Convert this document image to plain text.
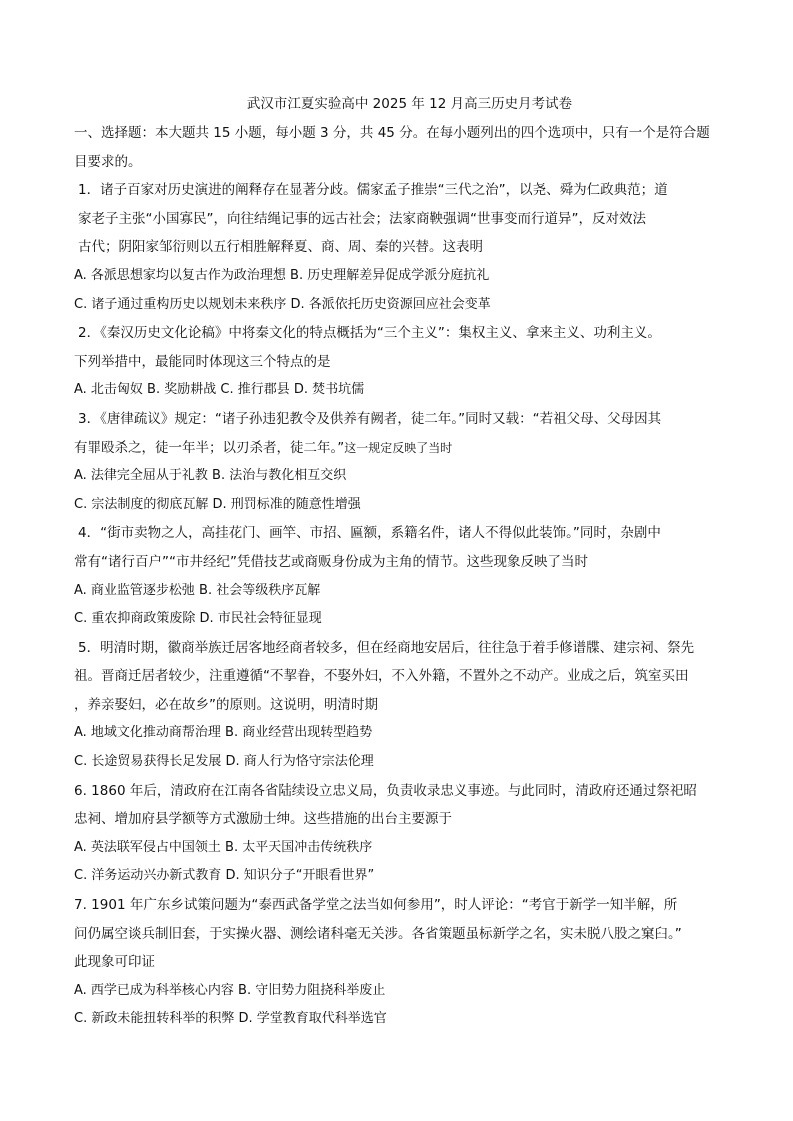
武汉市江夏实验高中 2025 年 12 月高三历史月考试卷

一、选择题：本大题共 15 小题，每小题 3 分，共 45 分。在每小题列出的四个选项中，只有一个是符合题

目要求的。

1．诸子百家对历史演进的阐释存在显著分歧。儒家孟子推崇“三代之治”，以尧、舜为仁政典范；道

家老子主张“小国寡民”，向往结绳记事的远古社会；法家商鞅强调“世事变而行道异”，反对效法

古代；阴阳家邹衍则以五行相胜解释夏、商、周、秦的兴替。这表明

A. 各派思想家均以复古作为政治理想 B. 历史理解差异促成学派分庭抗礼

C. 诸子通过重构历史以规划未来秩序 D. 各派依托历史资源回应社会变革

2．《秦汉历史文化论稿》中将秦文化的特点概括为“三个主义”：集权主义、拿来主义、功利主义。

下列举措中，最能同时体现这三个特点的是

A. 北击匈奴 B. 奖励耕战 C. 推行郡县 D. 焚书坑儒

3．《唐律疏议》规定：“诸子孙违犯教令及供养有阙者，徒二年。”同时又载：“若祖父母、父母因其

有罪殴杀之，徒一年半；以刃杀者，徒二年。”这一规定反映了当时

A. 法律完全屈从于礼教 B. 法治与教化相互交织

C. 宗法制度的彻底瓦解 D. 刑罚标准的随意性增强

4．“街市卖物之人，高挂花门、画竿、市招、匾额，系籍名件，诸人不得似此装饰。”同时，杂剧中

常有“诸行百户”“市井经纪”凭借技艺或商贩身份成为主角的情节。这些现象反映了当时

A. 商业监管逐步松弛 B. 社会等级秩序瓦解

C. 重农抑商政策废除 D. 市民社会特征显现

5．明清时期，徽商举族迁居客地经商者较多，但在经商地安居后，往往急于着手修谱牒、建宗祠、祭先

祖。晋商迁居者较少，注重遵循“不挈眷，不娶外妇，不入外籍，不置外之不动产。业成之后，筑室买田

，养亲娶妇，必在故乡”的原则。这说明，明清时期

A. 地域文化推动商帮治理 B. 商业经营出现转型趋势

C. 长途贸易获得长足发展 D. 商人行为恪守宗法伦理

6. 1860 年后，清政府在江南各省陆续设立忠义局，负责收录忠义事迹。与此同时，清政府还通过祭祀昭

忠祠、增加府县学额等方式激励士绅。这些措施的出台主要源于

A. 英法联军侵占中国领土 B. 太平天国冲击传统秩序

C. 洋务运动兴办新式教育 D. 知识分子“开眼看世界”

7. 1901 年广东乡试策问题为“泰西武备学堂之法当如何参用”，时人评论：“考官于新学一知半解，所

问仍属空谈兵制旧套，于实操火器、测绘诸科毫无关涉。各省策题虽标新学之名，实未脱八股之窠臼。”

此现象可印证

A. 西学已成为科举核心内容 B. 守旧势力阻挠科举废止

C. 新政未能扭转科举的积弊 D. 学堂教育取代科举选官
